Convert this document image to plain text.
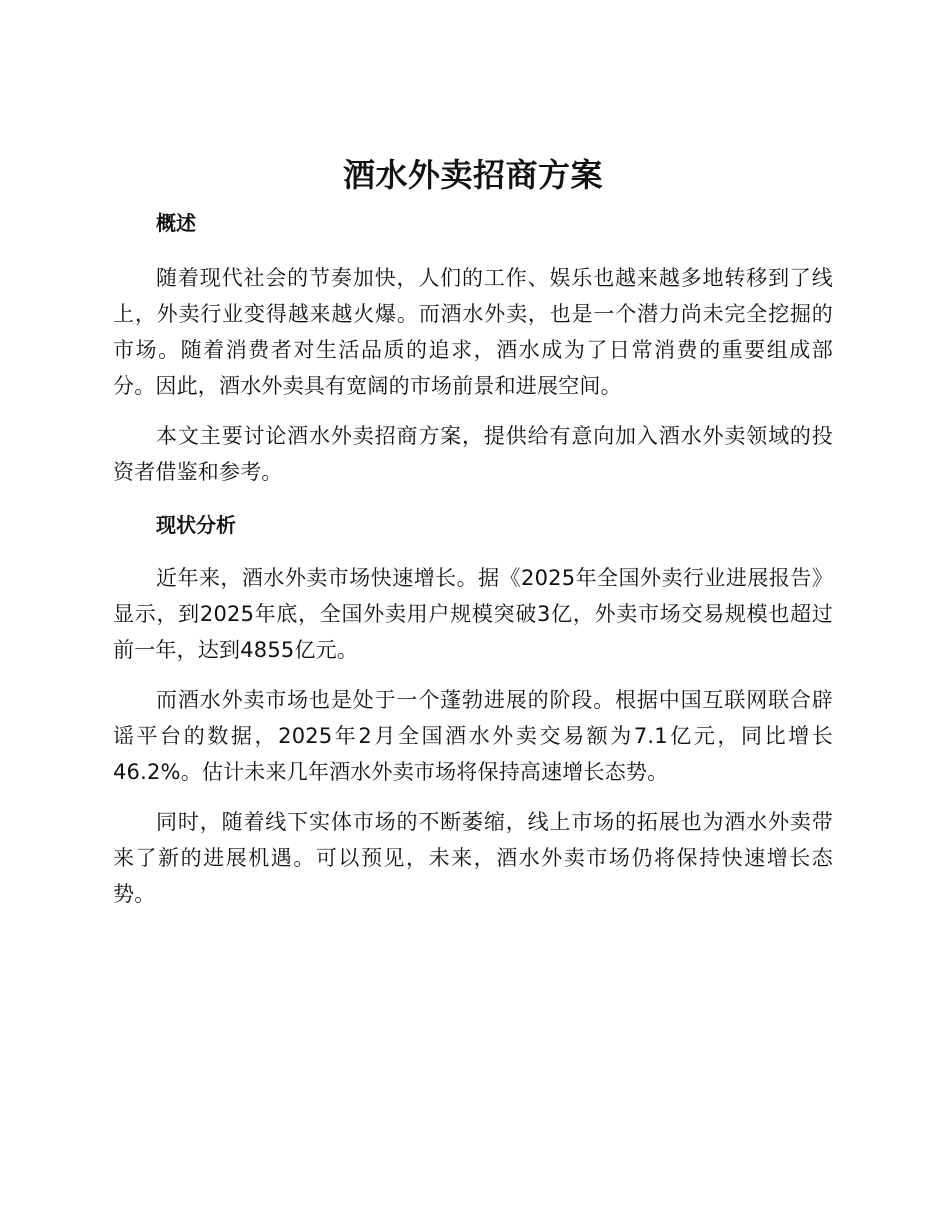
酒水外卖招商方案
概述

随着现代社会的节奏加快，人们的工作、娱乐也越来越多地转移到了线上，外卖行业变得越来越火爆。而酒水外卖，也是一个潜力尚未完全挖掘的市场。随着消费者对生活品质的追求，酒水成为了日常消费的重要组成部分。因此，酒水外卖具有宽阔的市场前景和进展空间。

本文主要讨论酒水外卖招商方案，提供给有意向加入酒水外卖领域的投资者借鉴和参考。

现状分析

近年来，酒水外卖市场快速增长。据《2025年全国外卖行业进展报告》显示，到2025年底，全国外卖用户规模突破3亿，外卖市场交易规模也超过前一年，达到4855亿元。

而酒水外卖市场也是处于一个蓬勃进展的阶段。根据中国互联网联合辟谣平台的数据，2025年2月全国酒水外卖交易额为7.1亿元，同比增长46.2%。估计未来几年酒水外卖市场将保持高速增长态势。

同时，随着线下实体市场的不断萎缩，线上市场的拓展也为酒水外卖带来了新的进展机遇。可以预见，未来，酒水外卖市场仍将保持快速增长态势。
